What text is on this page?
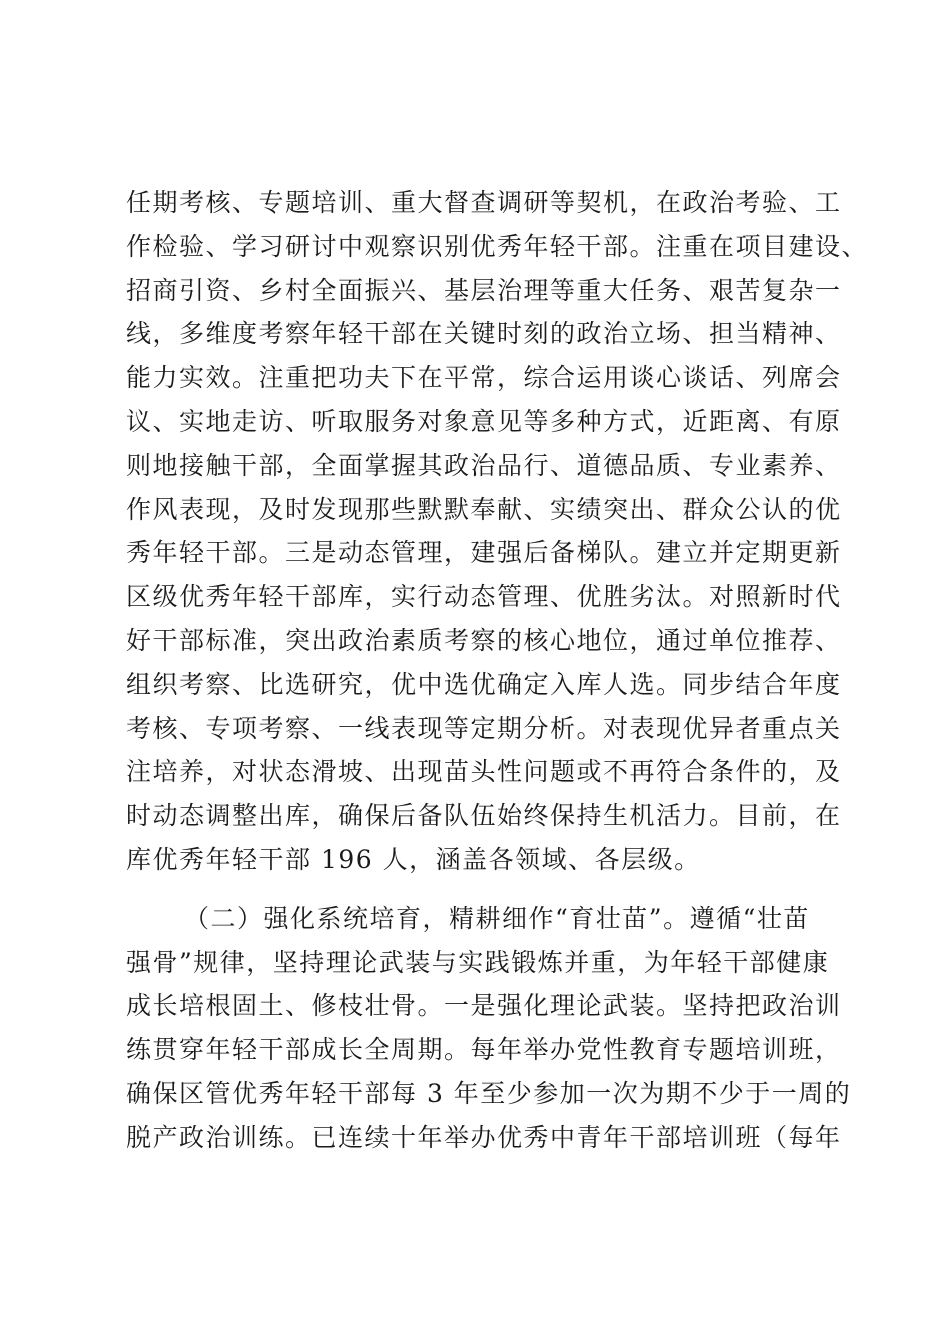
任期考核、专题培训、重大督查调研等契机，在政治考验、工
作检验、学习研讨中观察识别优秀年轻干部。注重在项目建设、
招商引资、乡村全面振兴、基层治理等重大任务、艰苦复杂一
线，多维度考察年轻干部在关键时刻的政治立场、担当精神、
能力实效。注重把功夫下在平常，综合运用谈心谈话、列席会
议、实地走访、听取服务对象意见等多种方式，近距离、有原
则地接触干部，全面掌握其政治品行、道德品质、专业素养、
作风表现，及时发现那些默默奉献、实绩突出、群众公认的优
秀年轻干部。三是动态管理，建强后备梯队。建立并定期更新
区级优秀年轻干部库，实行动态管理、优胜劣汰。对照新时代
好干部标准，突出政治素质考察的核心地位，通过单位推荐、
组织考察、比选研究，优中选优确定入库人选。同步结合年度
考核、专项考察、一线表现等定期分析。对表现优异者重点关
注培养，对状态滑坡、出现苗头性问题或不再符合条件的，及
时动态调整出库，确保后备队伍始终保持生机活力。目前，在
库优秀年轻干部 196 人，涵盖各领域、各层级。
（二）强化系统培育，精耕细作“育壮苗”。遵循“壮苗
强骨”规律，坚持理论武装与实践锻炼并重，为年轻干部健康
成长培根固土、修枝壮骨。一是强化理论武装。坚持把政治训
练贯穿年轻干部成长全周期。每年举办党性教育专题培训班，
确保区管优秀年轻干部每 3 年至少参加一次为期不少于一周的
脱产政治训练。已连续十年举办优秀中青年干部培训班（每年
